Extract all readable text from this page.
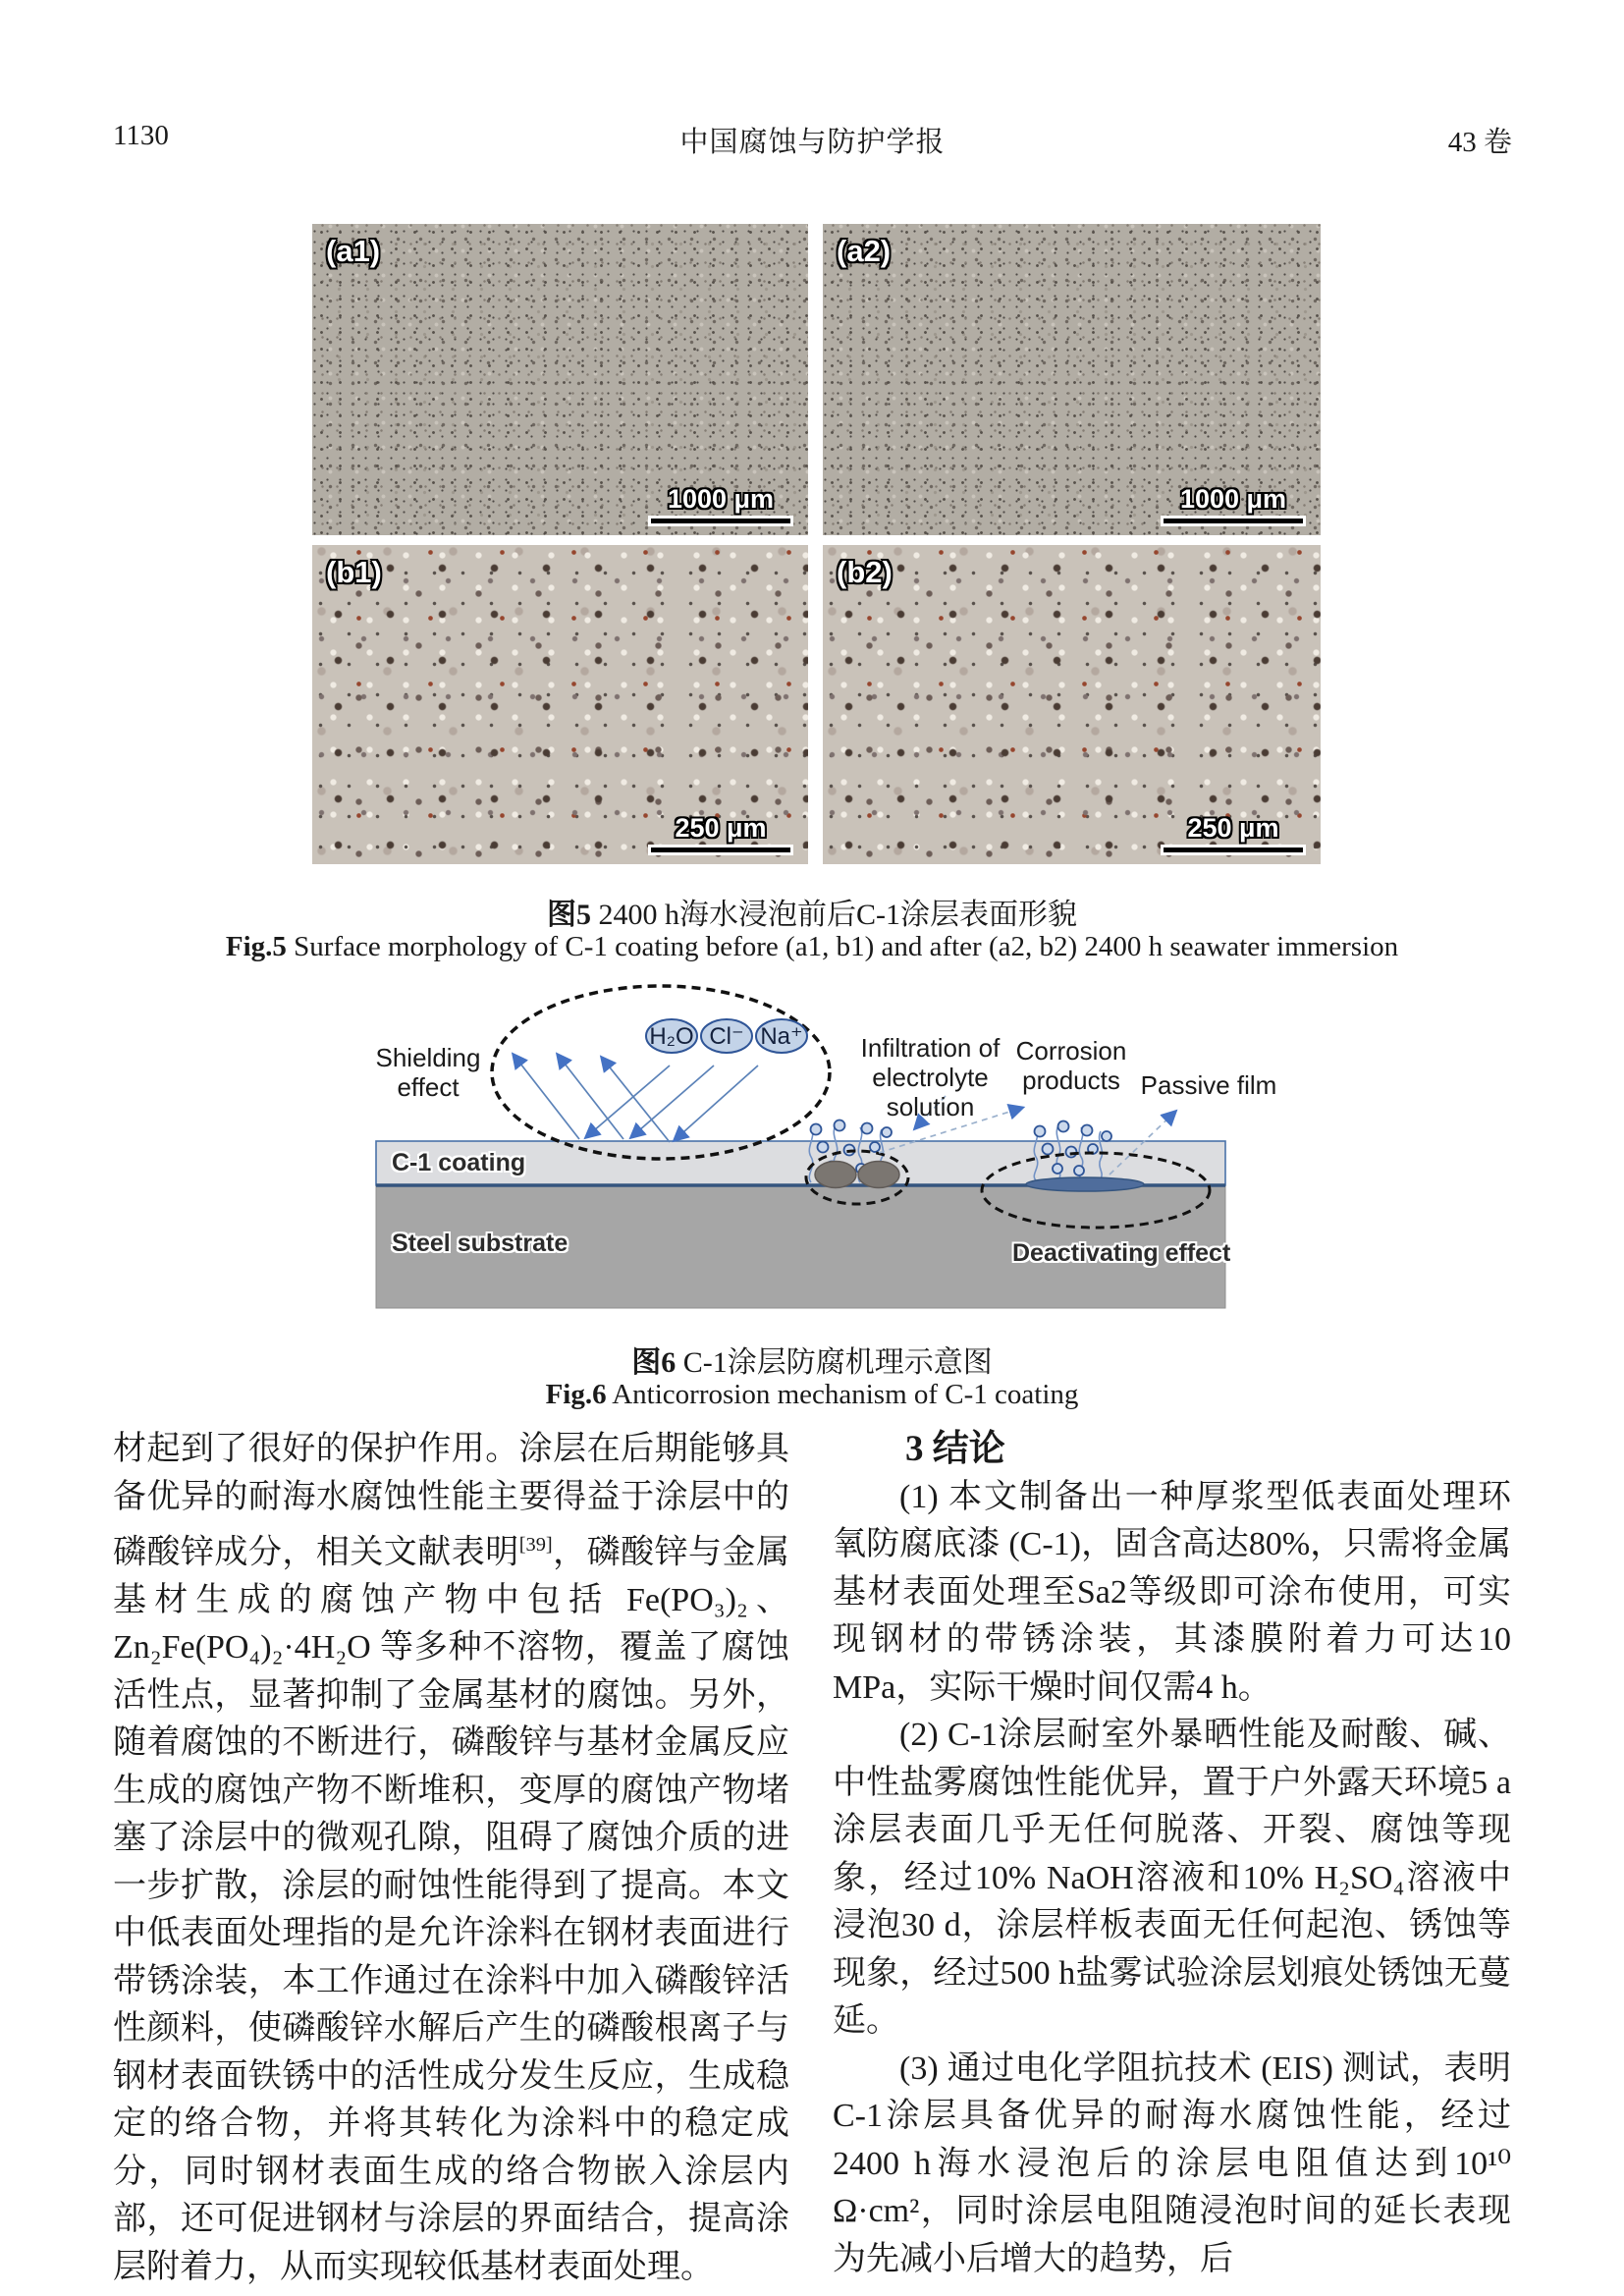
1130	中国腐蚀与防护学报	43 卷
(a1)
1000 μm
(a2)
1000 μm
(b1)
250 μm
(b2)
250 μm
图5 2400 h海水浸泡前后C-1涂层表面形貌
Fig.5 Surface morphology of C-1 coating before (a1, b1) and after (a2, b2) 2400 h seawater immersion
H₂O Cl⁻ Na⁺
Shielding effect
Infiltration of electrolyte solution
Corrosion products Passive film
C-1 coating
Steel substrate	Deactivating effect
图6 C-1涂层防腐机理示意图
Fig.6 Anticorrosion mechanism of C-1 coating

材起到了很好的保护作用。涂层在后期能够具备优异的耐海水腐蚀性能主要得益于涂层中的磷酸锌成分，相关文献表明[39]，磷酸锌与金属基材生成的腐蚀产物中包括 Fe(PO₃)₂、Zn₂Fe(PO₄)₂·4H₂O 等多种不溶物，覆盖了腐蚀活性点，显著抑制了金属基材的腐蚀。另外，随着腐蚀的不断进行，磷酸锌与基材金属反应生成的腐蚀产物不断堆积，变厚的腐蚀产物堵塞了涂层中的微观孔隙，阻碍了腐蚀介质的进一步扩散，涂层的耐蚀性能得到了提高。本文中低表面处理指的是允许涂料在钢材表面进行带锈涂装，本工作通过在涂料中加入磷酸锌活性颜料，使磷酸锌水解后产生的磷酸根离子与钢材表面铁锈中的活性成分发生反应，生成稳定的络合物，并将其转化为涂料中的稳定成分，同时钢材表面生成的络合物嵌入涂层内部，还可促进钢材与涂层的界面结合，提高涂层附着力，从而实现较低基材表面处理。

3 结论

(1) 本文制备出一种厚浆型低表面处理环氧防腐底漆 (C-1)，固含高达80%，只需将金属基材表面处理至Sa2等级即可涂布使用，可实现钢材的带锈涂装，其漆膜附着力可达10 MPa，实际干燥时间仅需4 h。

(2) C-1涂层耐室外暴晒性能及耐酸、碱、中性盐雾腐蚀性能优异，置于户外露天环境5 a涂层表面几乎无任何脱落、开裂、腐蚀等现象，经过10% NaOH溶液和10% H₂SO₄溶液中浸泡30 d，涂层样板表面无任何起泡、锈蚀等现象，经过500 h盐雾试验涂层划痕处锈蚀无蔓延。

(3) 通过电化学阻抗技术 (EIS) 测试，表明C-1涂层具备优异的耐海水腐蚀性能，经过2400 h海水浸泡后的涂层电阻值达到10¹⁰ Ω·cm²，同时涂层电阻随浸泡时间的延长表现为先减小后增大的趋势，后
